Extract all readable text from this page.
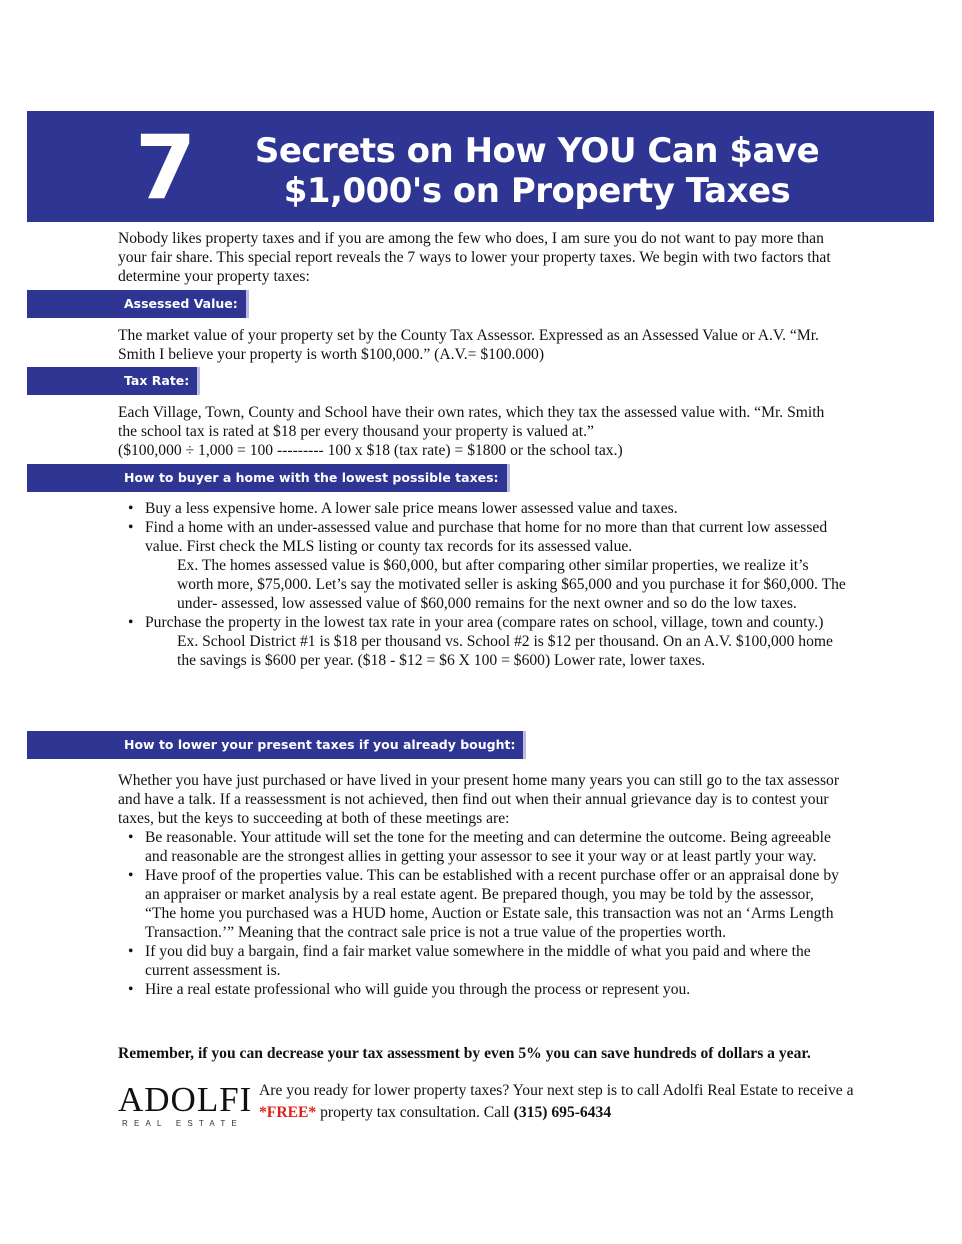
7	Secrets on How YOU Can $ave
$1,000's on Property Taxes
Nobody likes property taxes and if you are among the few who does, I am sure you do not want to pay more than your fair share. This special report reveals the 7 ways to lower your property taxes. We begin with two factors that determine your property taxes:
Assessed Value:
The market value of your property set by the County Tax Assessor. Expressed as an Assessed Value or A.V. “Mr. Smith I believe your property is worth $100,000.” (A.V.= $100.000)
Tax Rate:
Each Village, Town, County and School have their own rates, which they tax the assessed value with. “Mr. Smith the school tax is rated at $18 per every thousand your property is valued at.”
($100,000 ÷ 1,000 = 100 --------- 100 x $18 (tax rate) = $1800 or the school tax.)
How to buyer a home with the lowest possible taxes:
• Buy a less expensive home. A lower sale price means lower assessed value and taxes.
• Find a home with an under-assessed value and purchase that home for no more than that current low assessed value. First check the MLS listing or county tax records for its assessed value.
Ex. The homes assessed value is $60,000, but after comparing other similar properties, we realize it’s worth more, $75,000. Let’s say the motivated seller is asking $65,000 and you purchase it for $60,000. The under- assessed, low assessed value of $60,000 remains for the next owner and so do the low taxes.
• Purchase the property in the lowest tax rate in your area (compare rates on school, village, town and county.)
Ex. School District #1 is $18 per thousand vs. School #2 is $12 per thousand. On an A.V. $100,000 home the savings is $600 per year. ($18 - $12 = $6 X 100 = $600) Lower rate, lower taxes.
How to lower your present taxes if you already bought:
Whether you have just purchased or have lived in your present home many years you can still go to the tax assessor and have a talk. If a reassessment is not achieved, then find out when their annual grievance day is to contest your taxes, but the keys to succeeding at both of these meetings are:
• Be reasonable. Your attitude will set the tone for the meeting and can determine the outcome. Being agreeable and reasonable are the strongest allies in getting your assessor to see it your way or at least partly your way.
• Have proof of the properties value. This can be established with a recent purchase offer or an appraisal done by an appraiser or market analysis by a real estate agent. Be prepared though, you may be told by the assessor, “The home you purchased was a HUD home, Auction or Estate sale, this transaction was not an ‘Arms Length Transaction.’” Meaning that the contract sale price is not a true value of the properties worth.
• If you did buy a bargain, find a fair market value somewhere in the middle of what you paid and where the current assessment is.
• Hire a real estate professional who will guide you through the process or represent you.
Remember, if you can decrease your tax assessment by even 5% you can save hundreds of dollars a year.
ADOLFI
REAL ESTATE
Are you ready for lower property taxes? Your next step is to call Adolfi Real Estate to receive a *FREE* property tax consultation. Call (315) 695-6434
